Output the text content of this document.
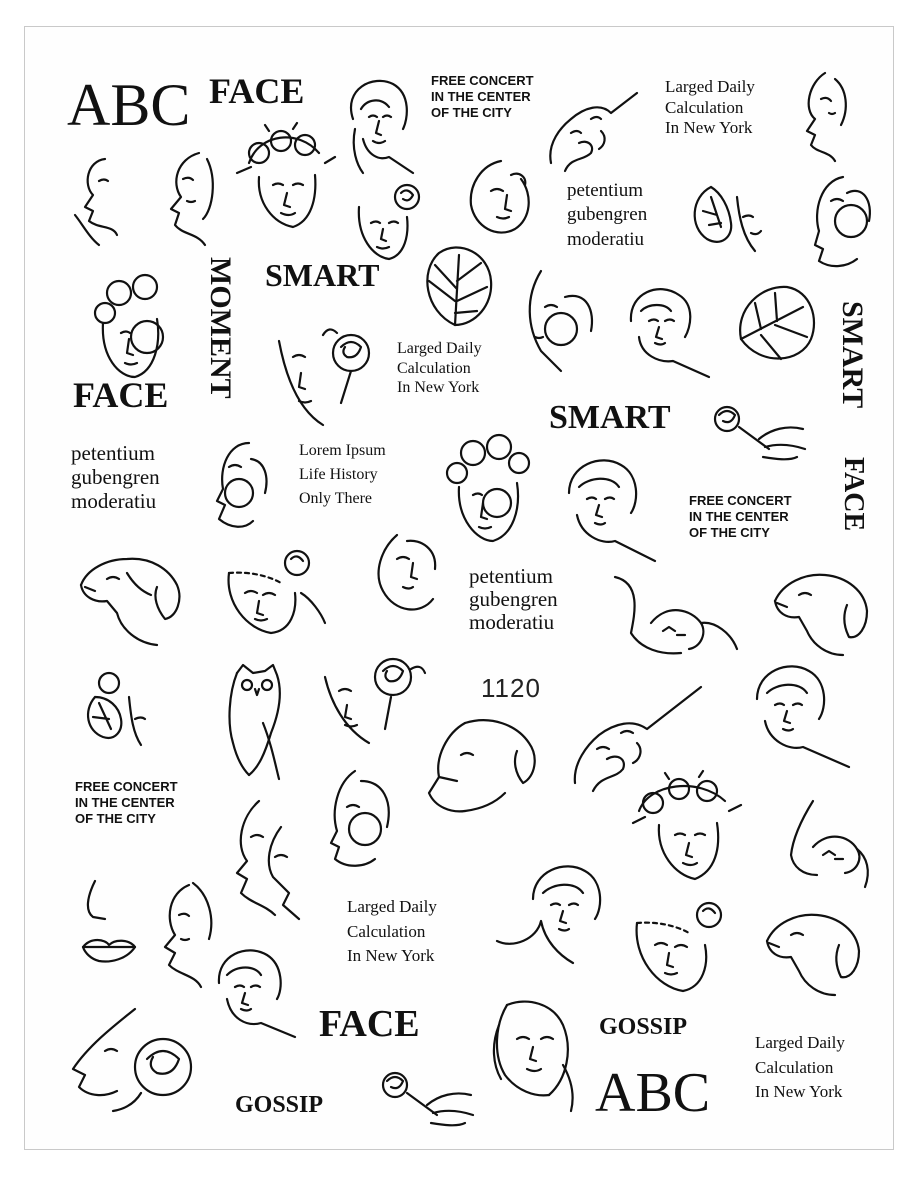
ABC FACE	FREE CONCERT
IN THE CENTER
OF THE CITY
Larged Daily
Calculation
In New York
petentium
gubengren
moderatiu
SMART
MOMENT	SMART
FACE
FACE
Larged Daily
Calculation
In New York
SMART
petentium
gubengren
moderatiu
Lorem Ipsum
Life History
Only There	FREE CONCERT
IN THE CENTER
OF THE CITY
petentium
gubengren
moderatiu
1120
FREE CONCERT
IN THE CENTER
OF THE CITY
Larged Daily
Calculation
In New York
FACE	GOSSIP
GOSSIP	ABC
Larged Daily
Calculation
In New York
